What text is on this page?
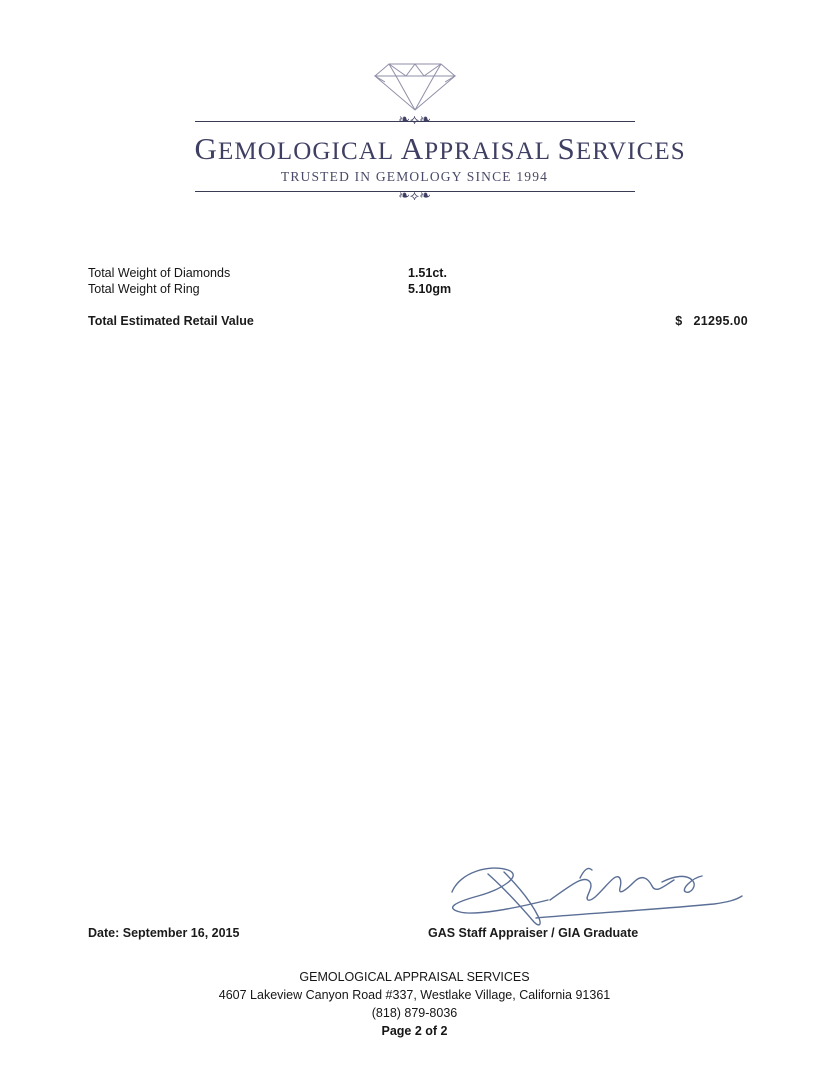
❧⟡❧
GEMOLOGICAL APPRAISAL SERVICES
TRUSTED IN GEMOLOGY SINCE 1994
❧⟡❧
Total Weight of Diamonds	1.51ct.
Total Weight of Ring	5.10gm
Total Estimated Retail Value	$ 21295.00
Date: September 16, 2015	GAS Staff Appraiser / GIA Graduate
GEMOLOGICAL APPRAISAL SERVICES
4607 Lakeview Canyon Road #337, Westlake Village, California 91361
(818) 879-8036
Page 2 of 2
